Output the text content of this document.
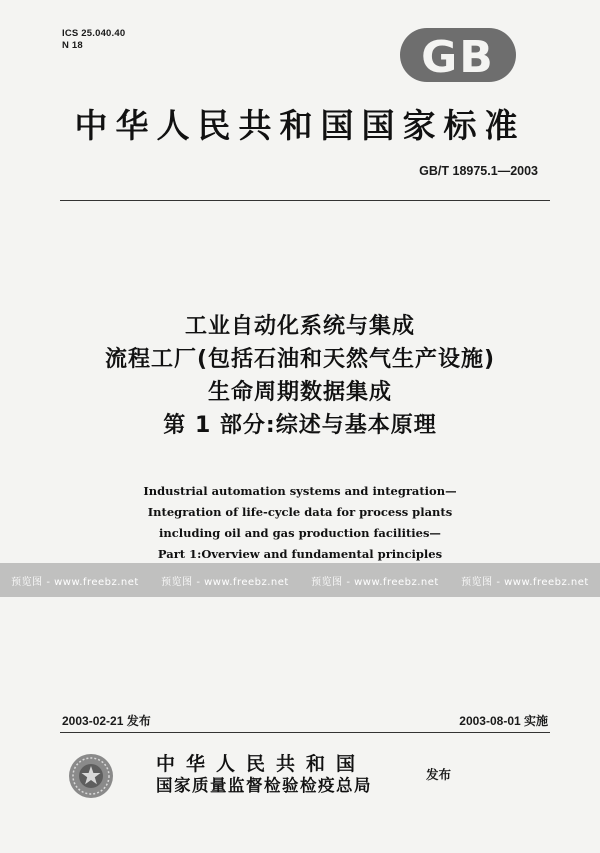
ICS 25.040.40
N 18	GB
中华人民共和国国家标准
GB/T 18975.1—2003
工业自动化系统与集成
流程工厂(包括石油和天然气生产设施)
生命周期数据集成
第 1 部分:综述与基本原理
Industrial automation systems and integration—
Integration of life-cycle data for process plants
including oil and gas production facilities—
Part 1:Overview and fundamental principles
预览图 - www.freebz.net 预览图 - www.freebz.net 预览图 - www.freebz.net 预览图 - www.freebz.net
2003-02-21 发布	2003-08-01 实施
中华人民共和国
国家质量监督检验检疫总局
发布
